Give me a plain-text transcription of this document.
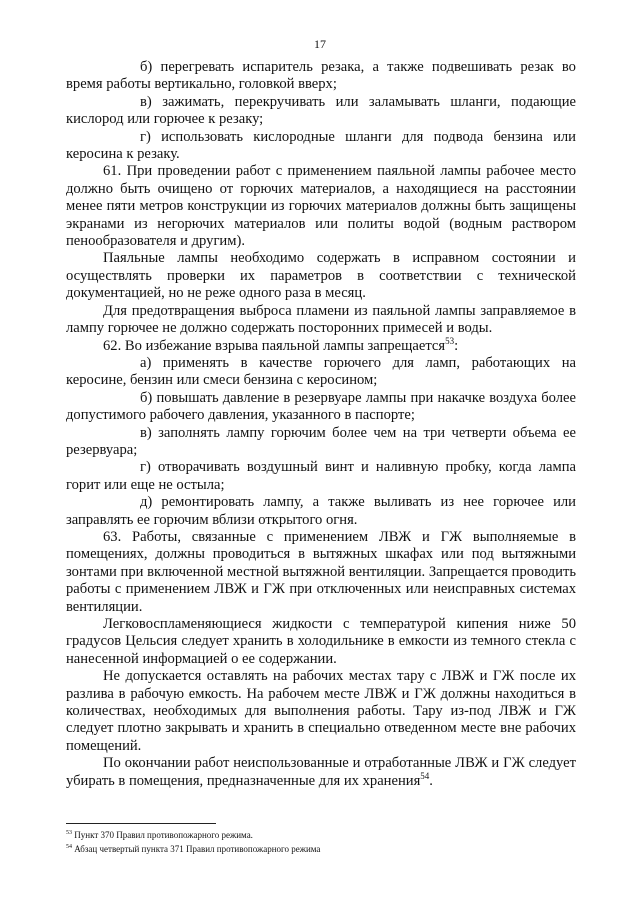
17

б) перегревать испаритель резака, а также подвешивать резак во время работы вертикально, головкой вверх;

в) зажимать, перекручивать или заламывать шланги, подающие кислород или горючее к резаку;

г) использовать кислородные шланги для подвода бензина или керосина к резаку.

61. При проведении работ с применением паяльной лампы рабочее место должно быть очищено от горючих материалов, а находящиеся на расстоянии менее пяти метров конструкции из горючих материалов должны быть защищены экранами из негорючих материалов или политы водой (водным раствором пенообразователя и другим).

Паяльные лампы необходимо содержать в исправном состоянии и осуществлять проверки их параметров в соответствии с технической документацией, но не реже одного раза в месяц.

Для предотвращения выброса пламени из паяльной лампы заправляемое в лампу горючее не должно содержать посторонних примесей и воды.

62. Во избежание взрыва паяльной лампы запрещается$^{53}$:

а) применять в качестве горючего для ламп, работающих на керосине, бензин или смеси бензина с керосином;

б) повышать давление в резервуаре лампы при накачке воздуха более допустимого рабочего давления, указанного в паспорте;

в) заполнять лампу горючим более чем на три четверти объема ее резервуара;

г) отворачивать воздушный винт и наливную пробку, когда лампа горит или еще не остыла;

д) ремонтировать лампу, а также выливать из нее горючее или заправлять ее горючим вблизи открытого огня.

63. Работы, связанные с применением ЛВЖ и ГЖ выполняемые в помещениях, должны проводиться в вытяжных шкафах или под вытяжными зонтами при включенной местной вытяжной вентиляции. Запрещается проводить работы с применением ЛВЖ и ГЖ при отключенных или неисправных системах вентиляции.

Легковоспламеняющиеся жидкости с температурой кипения ниже 50 градусов Цельсия следует хранить в холодильнике в емкости из темного стекла с нанесенной информацией о ее содержании.

Не допускается оставлять на рабочих местах тару с ЛВЖ и ГЖ после их разлива в рабочую емкость. На рабочем месте ЛВЖ и ГЖ должны находиться в количествах, необходимых для выполнения работы. Тару из-под ЛВЖ и ГЖ следует плотно закрывать и хранить в специально отведенном месте вне рабочих помещений.

По окончании работ неиспользованные и отработанные ЛВЖ и ГЖ следует убирать в помещения, предназначенные для их хранения$^{54}$.

$^{53}$ Пункт 370 Правил противопожарного режима.
$^{54}$ Абзац четвертый пункта 371 Правил противопожарного режима
